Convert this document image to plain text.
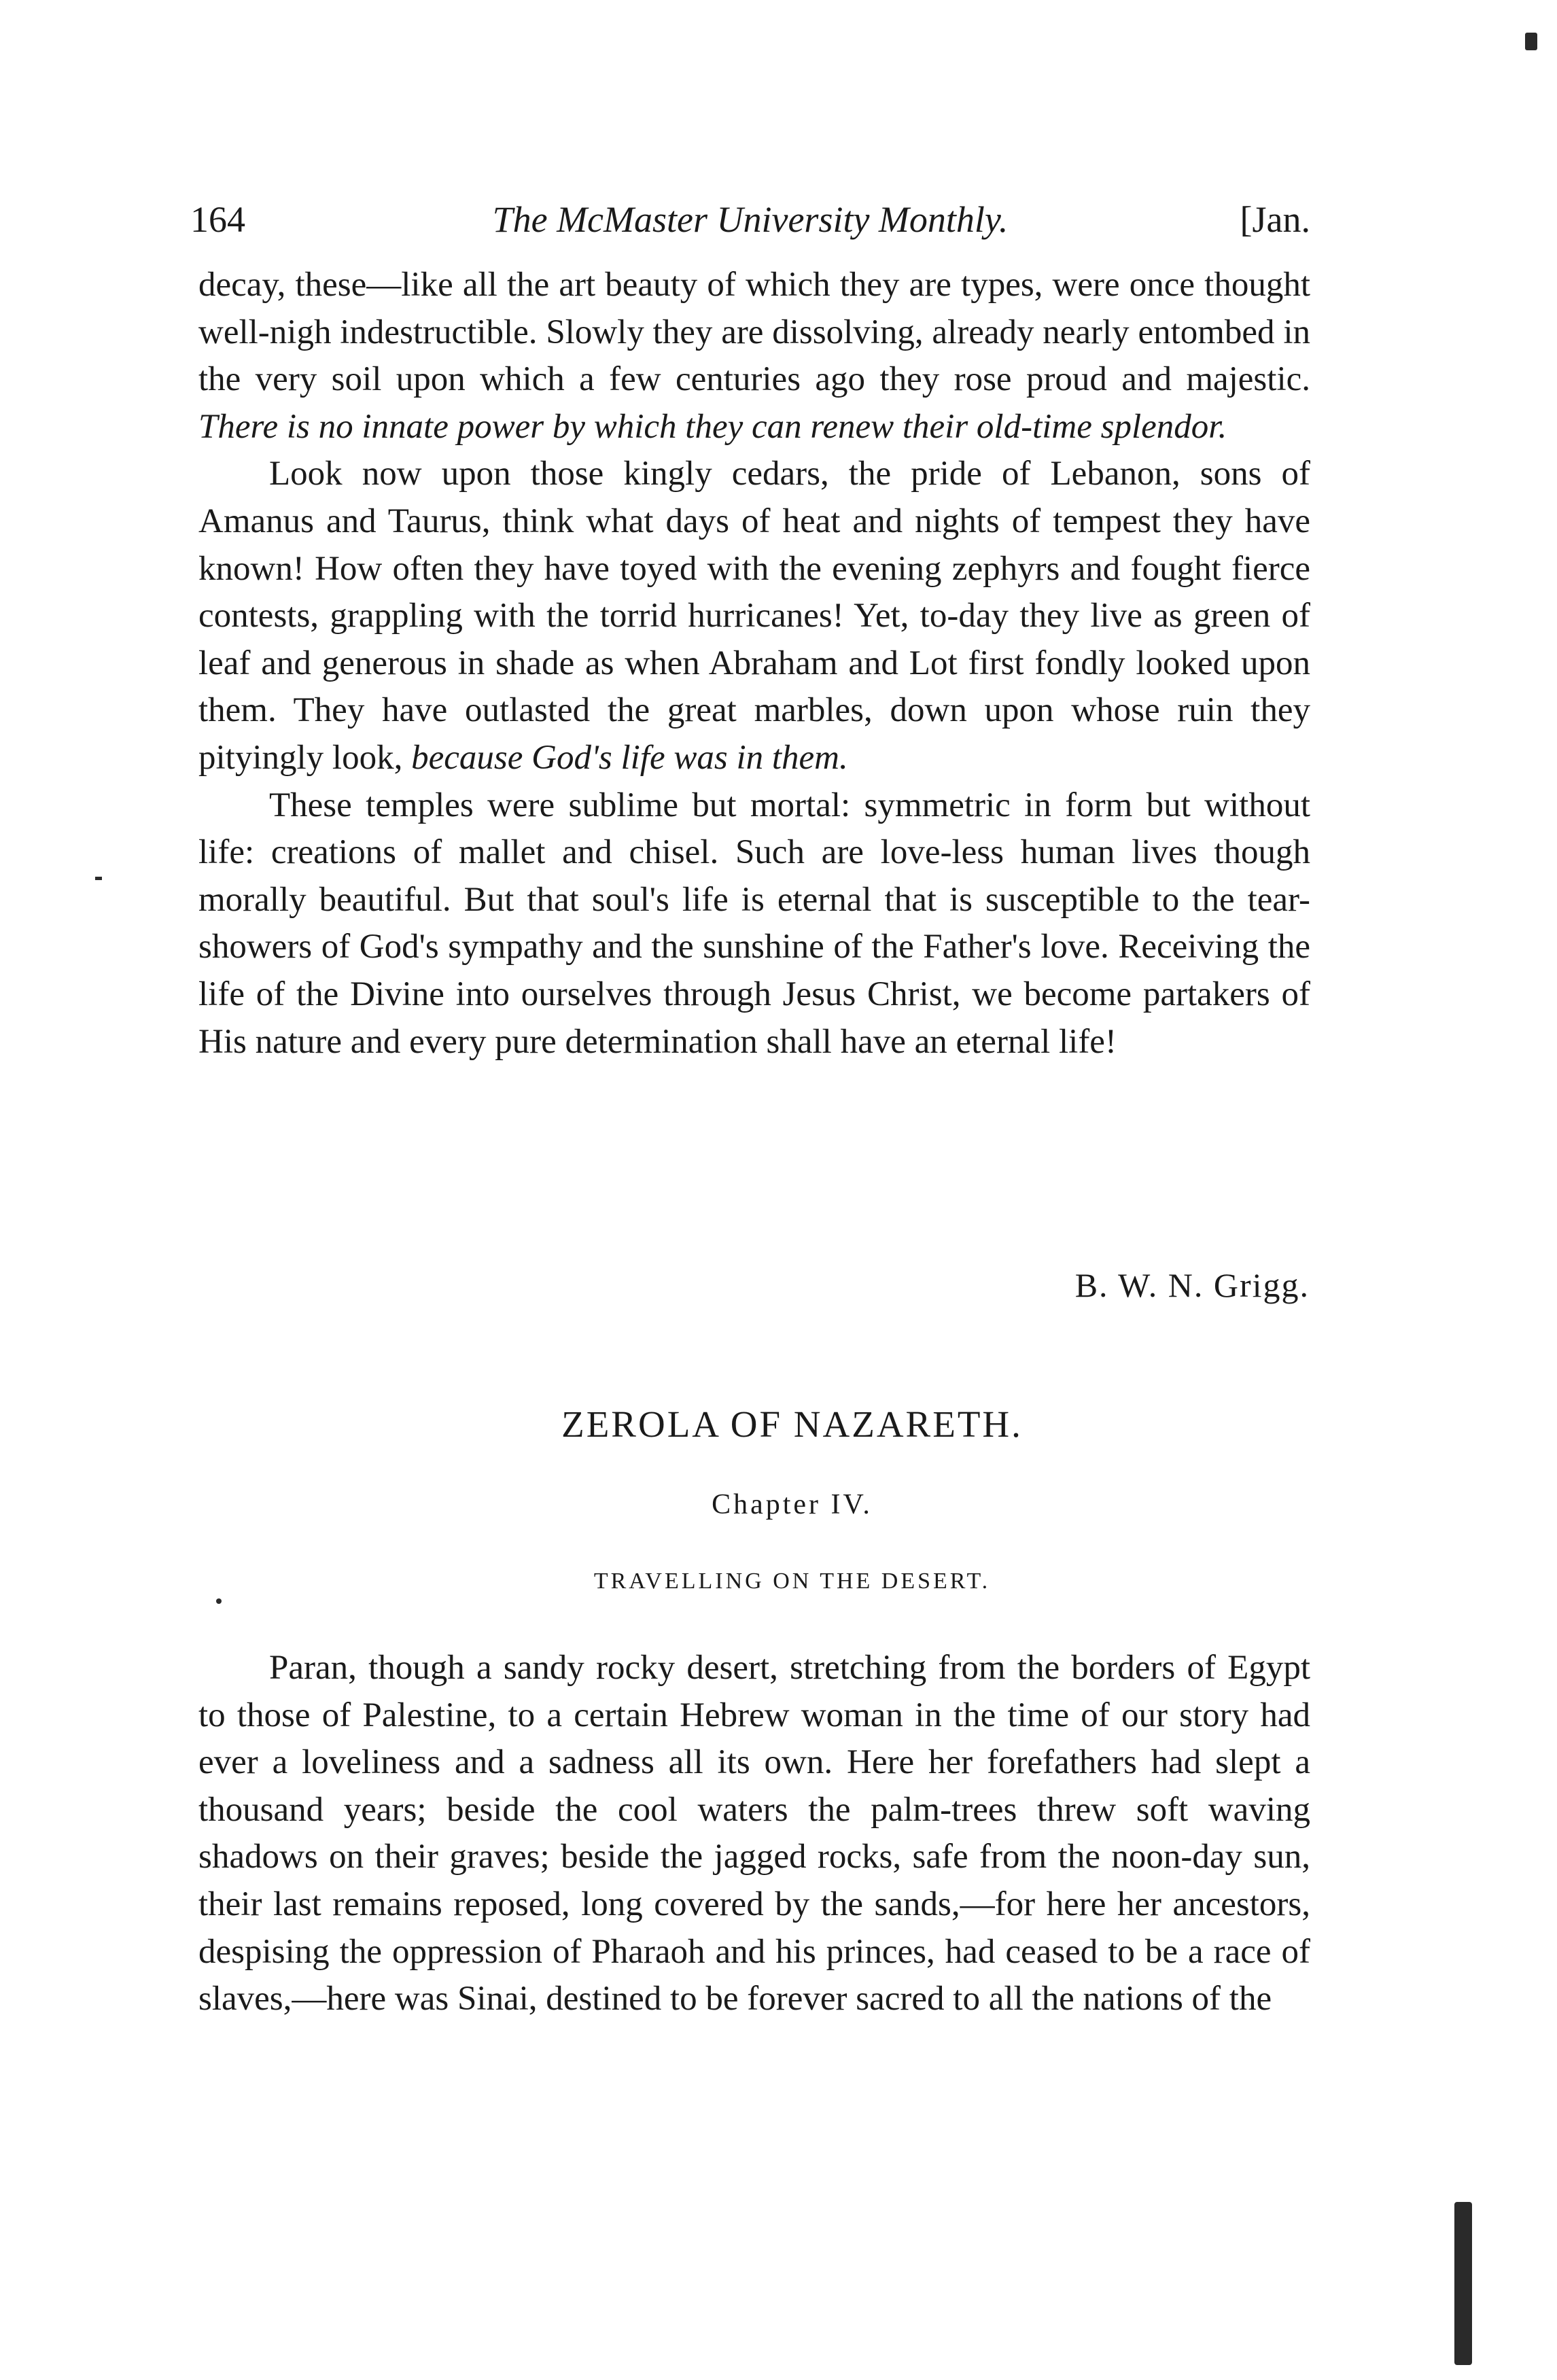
164	The McMaster University Monthly.	[Jan.

decay, these—like all the art beauty of which they are types, were once thought well-nigh indestructible. Slowly they are dissolving, already nearly entombed in the very soil upon which a few centuries ago they rose proud and majestic. There is no innate power by which they can renew their old-time splendor.

Look now upon those kingly cedars, the pride of Lebanon, sons of Amanus and Taurus, think what days of heat and nights of tempest they have known! How often they have toyed with the evening zephyrs and fought fierce contests, grappling with the torrid hurricanes! Yet, to-day they live as green of leaf and generous in shade as when Abraham and Lot first fondly looked upon them. They have outlasted the great marbles, down upon whose ruin they pityingly look, because God's life was in them.

These temples were sublime but mortal: symmetric in form but without life: creations of mallet and chisel. Such are love-less human lives though morally beautiful. But that soul's life is eternal that is susceptible to the tear-showers of God's sympathy and the sunshine of the Father's love. Receiving the life of the Divine into ourselves through Jesus Christ, we become partakers of His nature and every pure determination shall have an eternal life!

B. W. N. Grigg.
ZEROLA OF NAZARETH.
Chapter IV.
TRAVELLING ON THE DESERT.

Paran, though a sandy rocky desert, stretching from the borders of Egypt to those of Palestine, to a certain Hebrew woman in the time of our story had ever a loveliness and a sadness all its own. Here her forefathers had slept a thousand years; beside the cool waters the palm-trees threw soft waving shadows on their graves; beside the jagged rocks, safe from the noon-day sun, their last remains reposed, long covered by the sands,—for here her ancestors, despising the oppression of Pharaoh and his princes, had ceased to be a race of slaves,—here was Sinai, destined to be forever sacred to all the nations of the
